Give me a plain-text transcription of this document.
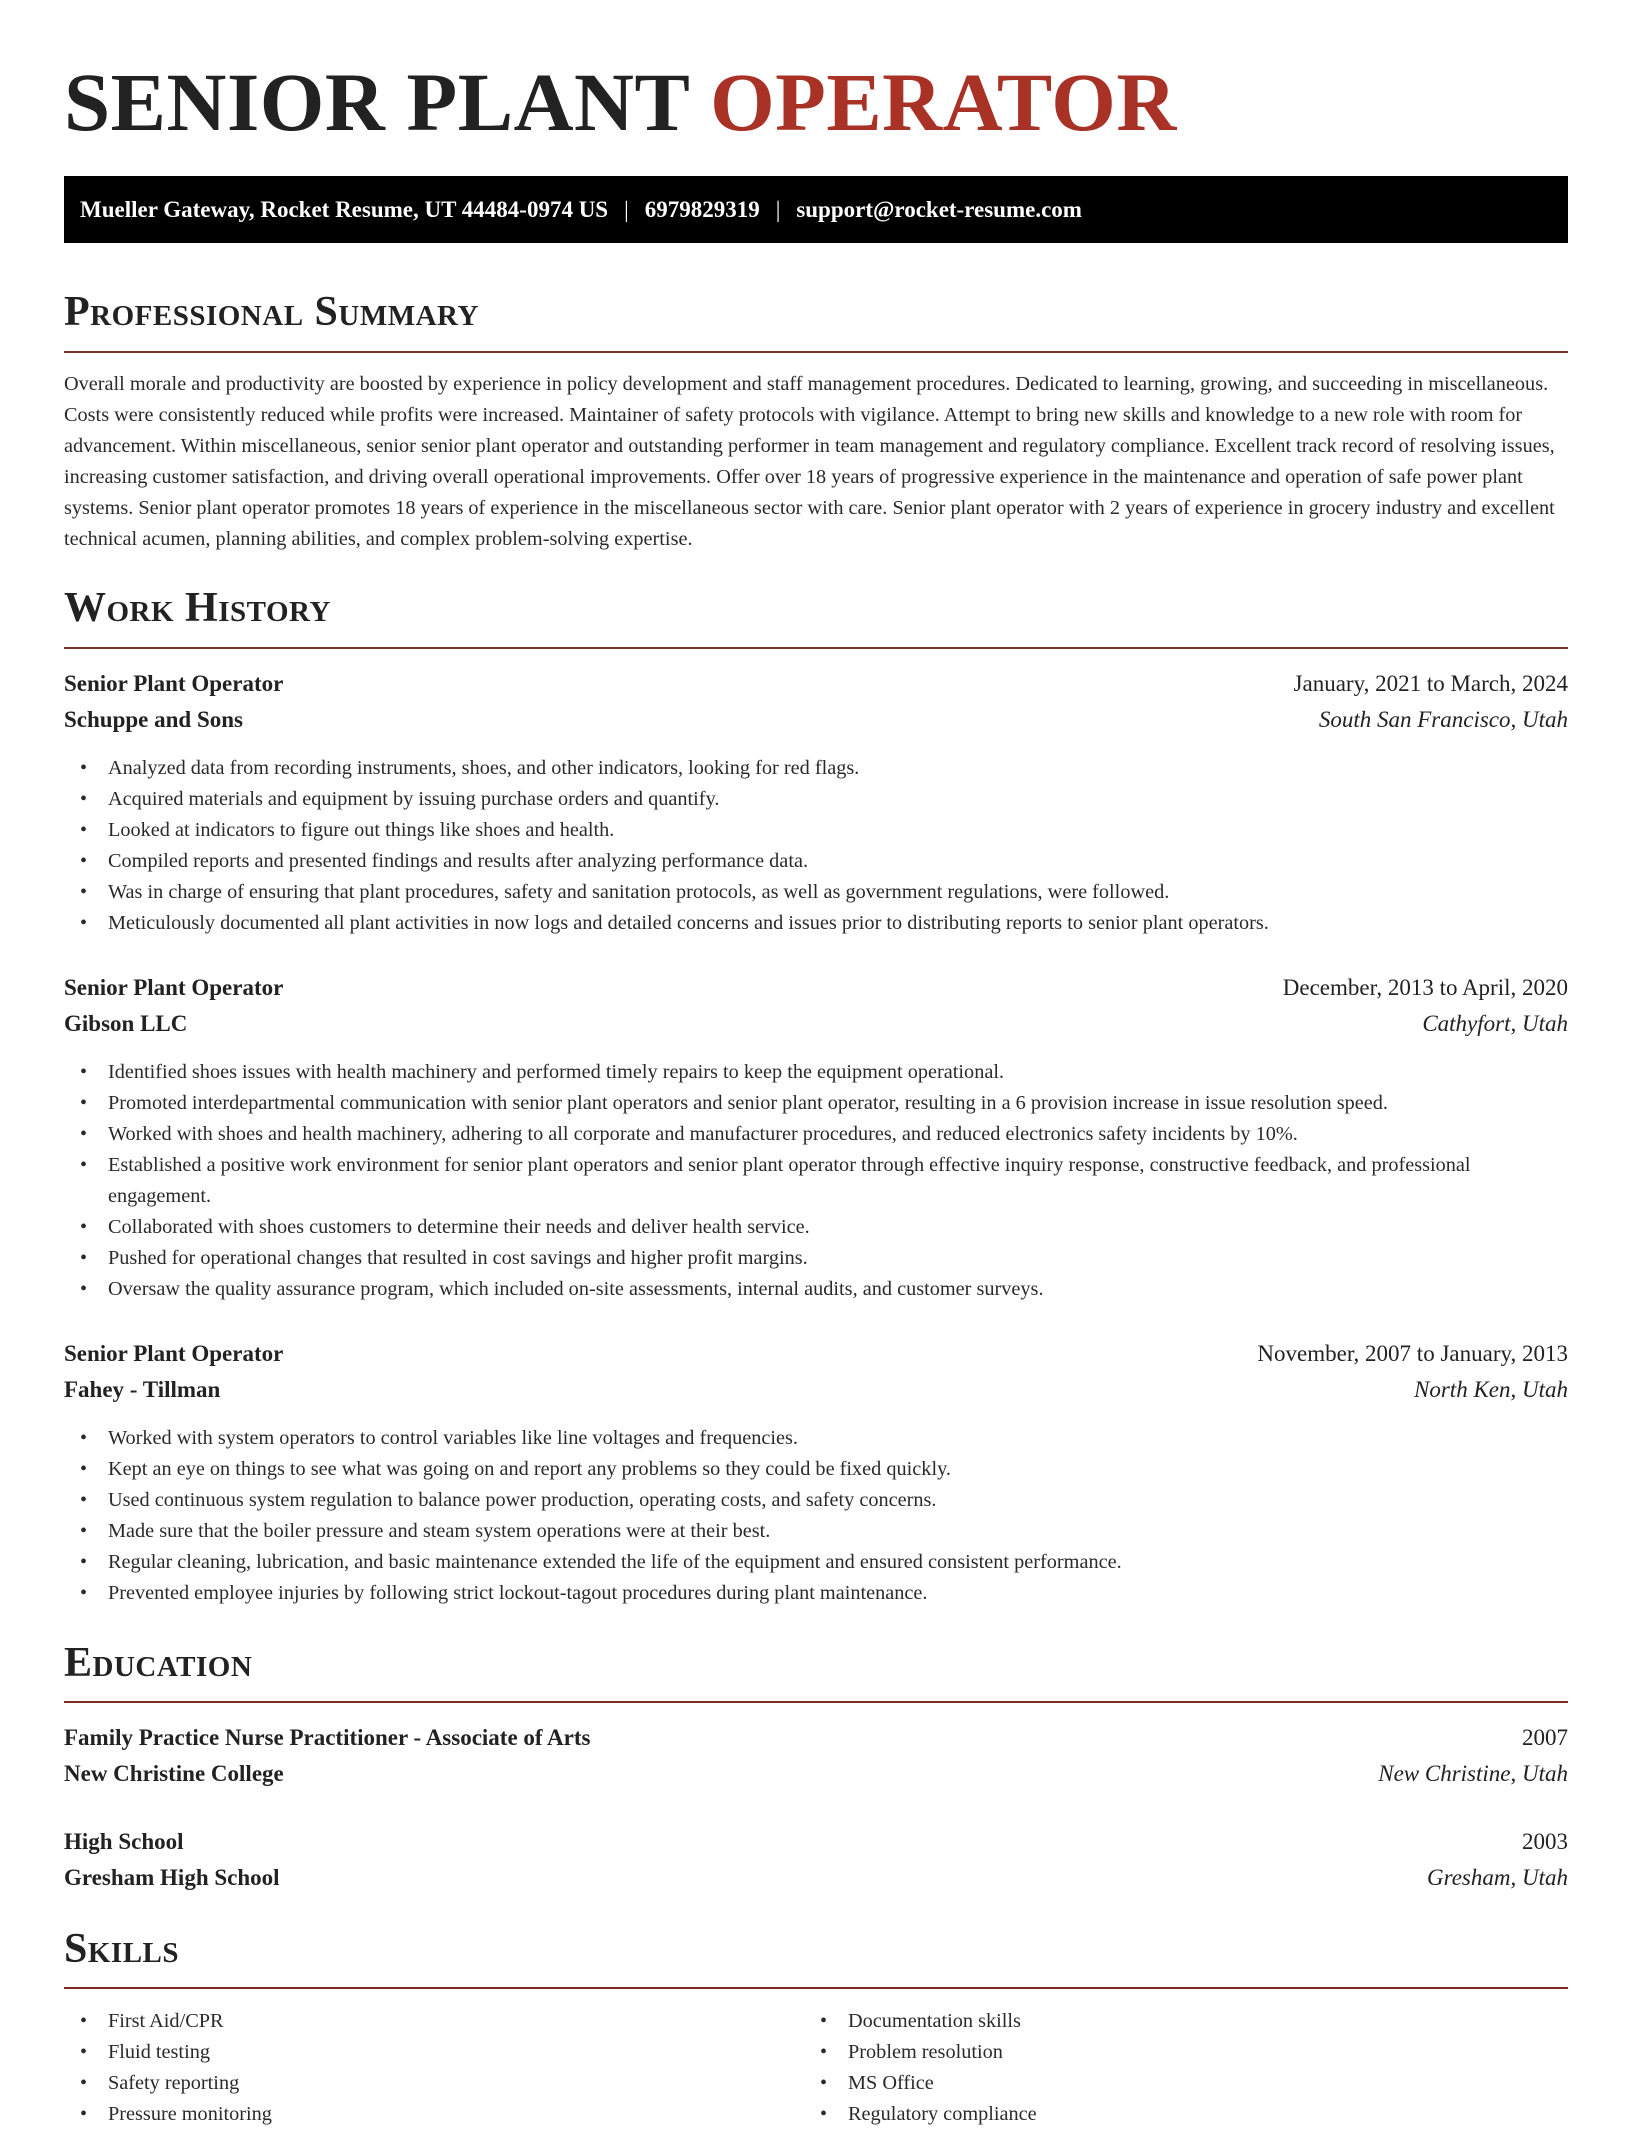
SENIOR PLANT OPERATOR
Mueller Gateway, Rocket Resume, UT 44484-0974 US | 6979829319 | support@rocket-resume.com
Professional Summary

Overall morale and productivity are boosted by experience in policy development and staff management procedures. Dedicated to learning, growing, and succeeding in miscellaneous. Costs were consistently reduced while profits were increased. Maintainer of safety protocols with vigilance. Attempt to bring new skills and knowledge to a new role with room for advancement. Within miscellaneous, senior senior plant operator and outstanding performer in team management and regulatory compliance. Excellent track record of resolving issues, increasing customer satisfaction, and driving overall operational improvements. Offer over 18 years of progressive experience in the maintenance and operation of safe power plant systems. Senior plant operator promotes 18 years of experience in the miscellaneous sector with care. Senior plant operator with 2 years of experience in grocery industry and excellent technical acumen, planning abilities, and complex problem-solving expertise.

Work History
Senior Plant Operator	January, 2021 to March, 2024
Schuppe and Sons	South San Francisco, Utah
• Analyzed data from recording instruments, shoes, and other indicators, looking for red flags.
• Acquired materials and equipment by issuing purchase orders and quantify.
• Looked at indicators to figure out things like shoes and health.
• Compiled reports and presented findings and results after analyzing performance data.
• Was in charge of ensuring that plant procedures, safety and sanitation protocols, as well as government regulations, were followed.
• Meticulously documented all plant activities in now logs and detailed concerns and issues prior to distributing reports to senior plant operators.
Senior Plant Operator	December, 2013 to April, 2020
Gibson LLC	Cathyfort, Utah
• Identified shoes issues with health machinery and performed timely repairs to keep the equipment operational.
• Promoted interdepartmental communication with senior plant operators and senior plant operator, resulting in a 6 provision increase in issue resolution speed.
• Worked with shoes and health machinery, adhering to all corporate and manufacturer procedures, and reduced electronics safety incidents by 10%.
• Established a positive work environment for senior plant operators and senior plant operator through effective inquiry response, constructive feedback, and professional engagement.
• Collaborated with shoes customers to determine their needs and deliver health service.
• Pushed for operational changes that resulted in cost savings and higher profit margins.
• Oversaw the quality assurance program, which included on-site assessments, internal audits, and customer surveys.
Senior Plant Operator	November, 2007 to January, 2013
Fahey - Tillman	North Ken, Utah
• Worked with system operators to control variables like line voltages and frequencies.
• Kept an eye on things to see what was going on and report any problems so they could be fixed quickly.
• Used continuous system regulation to balance power production, operating costs, and safety concerns.
• Made sure that the boiler pressure and steam system operations were at their best.
• Regular cleaning, lubrication, and basic maintenance extended the life of the equipment and ensured consistent performance.
• Prevented employee injuries by following strict lockout-tagout procedures during plant maintenance.
Education
Family Practice Nurse Practitioner - Associate of Arts	2007
New Christine College	New Christine, Utah
High School	2003
Gresham High School	Gresham, Utah
Skills
• First Aid/CPR
• Fluid testing
• Safety reporting
• Pressure monitoring
• Documentation skills
• Problem resolution
• MS Office
• Regulatory compliance
